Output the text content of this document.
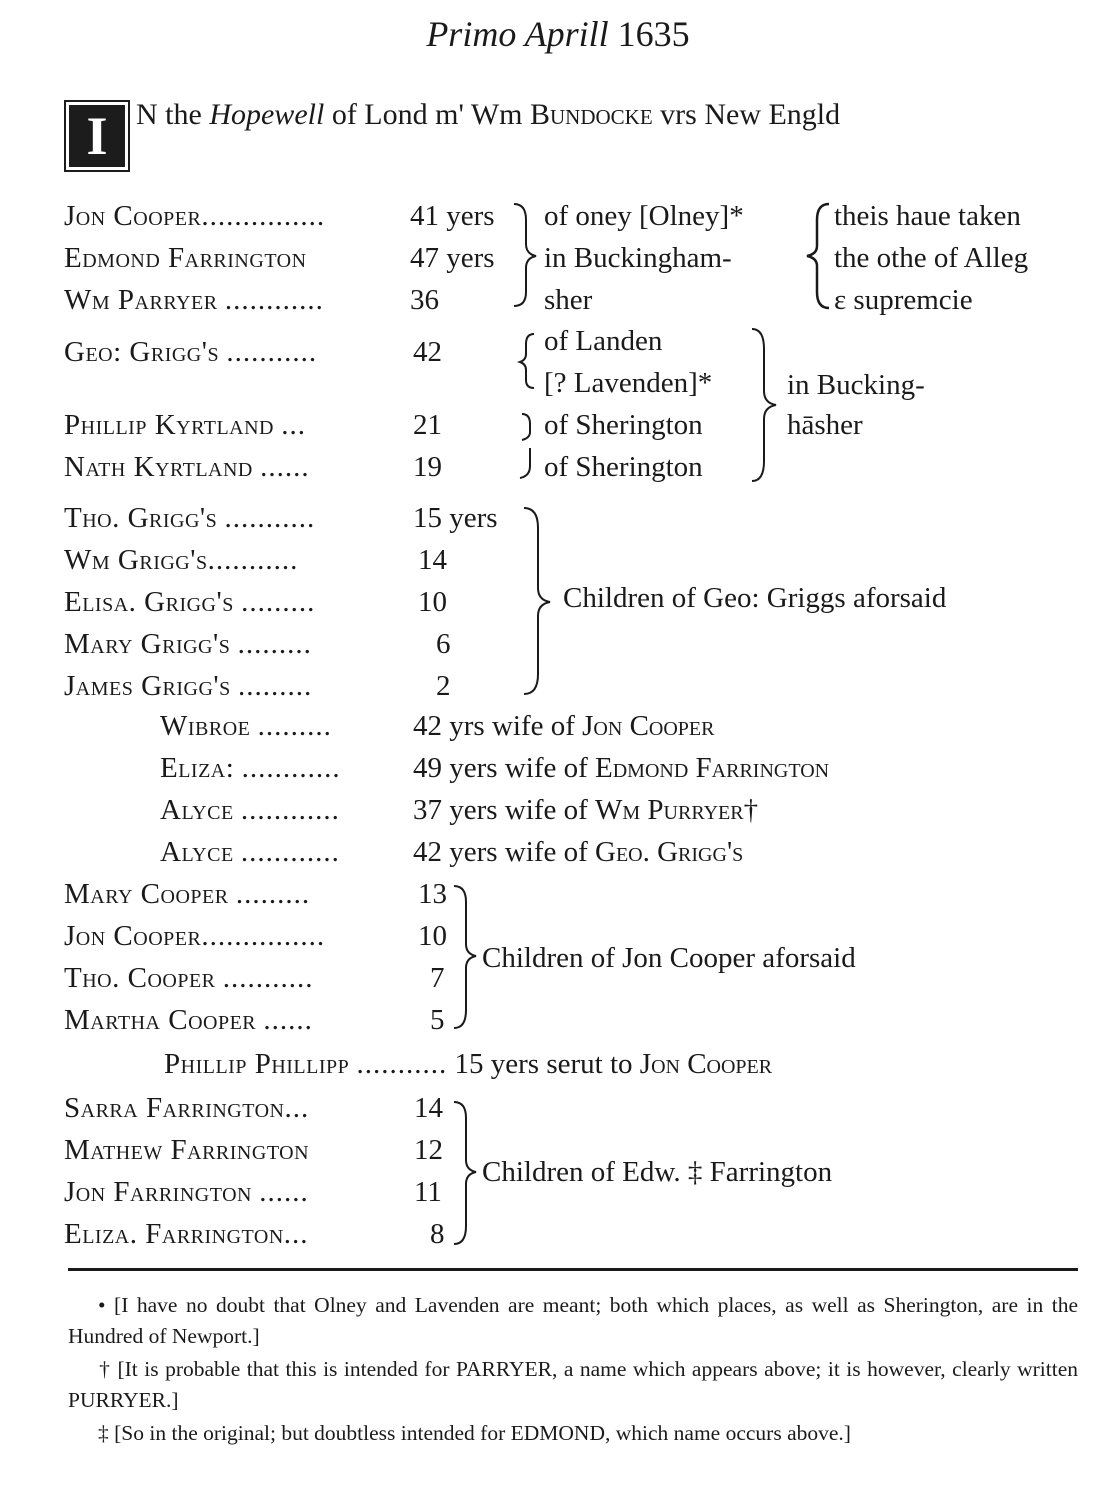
Primo Aprill 1635
I N the Hopewell of Lond m' Wm Bundocke vrs New Engld
Jon Cooper...............	41 yers
Edmond Farrington	47 yers
Wm Parryer ............	36
of oney [Olney]*
in Buckingham-
sher
theis haue taken
the othe of Alleg
ɛ supremcie
Geo: Grigg's ...........	42
Phillip Kyrtland ...	21
Nath Kyrtland ......	19
of Landen
[? Lavenden]*
of Sherington
of Sherington
in Bucking-
hāsher
Tho. Grigg's ...........	15 yers
Wm Grigg's...........	14
Elisa. Grigg's .........	10
Mary Grigg's .........	6
James Grigg's .........	2
Children of Geo: Griggs aforsaid
Wibroe .........	42 yrs wife of Jon Cooper
Eliza: ............ 49 yers wife of Edmond Farrington
Alyce ............	37 yers wife of Wm Purryer†
Alyce ............	42 yers wife of Geo. Grigg's
Mary Cooper .........	13
Jon Cooper...............	10
Tho. Cooper ...........	7
Martha Cooper ......	5
Children of Jon Cooper aforsaid
Phillip Phillipp ........... 15 yers serut to Jon Cooper
Sarra Farrington...	14
Mathew Farrington	12
Jon Farrington ......	11
Eliza. Farrington...	8
Children of Edw. ‡ Farrington
• [I have no doubt that Olney and Lavenden are meant; both which places, as well as Sherington, are in the Hundred of Newport.]
† [It is probable that this is intended for PARRYER, a name which appears above; it is however, clearly written PURRYER.]
‡ [So in the original; but doubtless intended for EDMOND, which name occurs above.]
